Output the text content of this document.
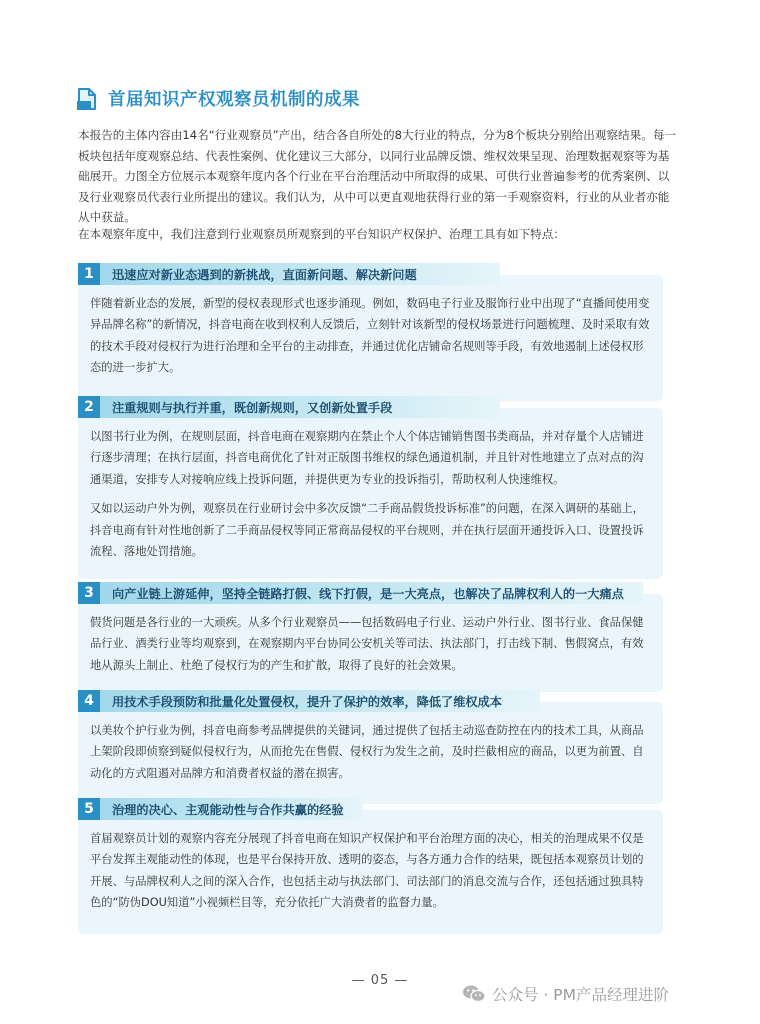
首届知识产权观察员机制的成果

本报告的主体内容由14名“行业观察员”产出，结合各自所处的8大行业的特点，分为8个板块分别给出观察结果。每一板块包括年度观察总结、代表性案例、优化建议三大部分，以同行业品牌反馈、维权效果呈现、治理数据观察等为基础展开。力图全方位展示本观察年度内各个行业在平台治理活动中所取得的成果、可供行业普遍参考的优秀案例、以及行业观察员代表行业所提出的建议。我们认为，从中可以更直观地获得行业的第一手观察资料，行业的从业者亦能从中获益。

在本观察年度中，我们注意到行业观察员所观察到的平台知识产权保护、治理工具有如下特点：

伴随着新业态的发展，新型的侵权表现形式也逐步涌现。例如，数码电子行业及服饰行业中出现了“直播间使用变异品牌名称”的新情况，抖音电商在收到权利人反馈后，立刻针对该新型的侵权场景进行问题梳理、及时采取有效的技术手段对侵权行为进行治理和全平台的主动排查，并通过优化店铺命名规则等手段，有效地遏制上述侵权形态的进一步扩大。

1	迅速应对新业态遇到的新挑战，直面新问题、解决新问题

以图书行业为例，在规则层面，抖音电商在观察期内在禁止个人个体店铺销售图书类商品，并对存量个人店铺进行逐步清理；在执行层面，抖音电商优化了针对正版图书维权的绿色通道机制，并且针对性地建立了点对点的沟通渠道，安排专人对接响应线上投诉问题，并提供更为专业的投诉指引，帮助权利人快速维权。

又如以运动户外为例，观察员在行业研讨会中多次反馈“二手商品假货投诉标准”的问题，在深入调研的基础上，抖音电商有针对性地创新了二手商品侵权等同正常商品侵权的平台规则，并在执行层面开通投诉入口、设置投诉流程、落地处罚措施。

2	注重规则与执行并重，既创新规则，又创新处置手段

假货问题是各行业的一大顽疾。从多个行业观察员——包括数码电子行业、运动户外行业、图书行业、食品保健品行业、酒类行业等均观察到，在观察期内平台协同公安机关等司法、执法部门，打击线下制、售假窝点，有效地从源头上制止、杜绝了侵权行为的产生和扩散，取得了良好的社会效果。

3	向产业链上游延伸，坚持全链路打假、线下打假，是一大亮点，也解决了品牌权利人的一大痛点

以美妆个护行业为例，抖音电商参考品牌提供的关键词，通过提供了包括主动巡查防控在内的技术工具，从商品上架阶段即侦察到疑似侵权行为，从而抢先在售假、侵权行为发生之前，及时拦截相应的商品，以更为前置、自动化的方式阻遏对品牌方和消费者权益的潜在损害。

4	用技术手段预防和批量化处置侵权，提升了保护的效率，降低了维权成本

首届观察员计划的观察内容充分展现了抖音电商在知识产权保护和平台治理方面的决心，相关的治理成果不仅是平台发挥主观能动性的体现，也是平台保持开放、透明的姿态，与各方通力合作的结果，既包括本观察员计划的开展、与品牌权利人之间的深入合作，也包括主动与执法部门、司法部门的消息交流与合作，还包括通过独具特色的“防伪DOU知道”小视频栏目等，充分依托广大消费者的监督力量。

5	治理的决心、主观能动性与合作共赢的经验
— 05 —
公众号 · PM产品经理进阶
